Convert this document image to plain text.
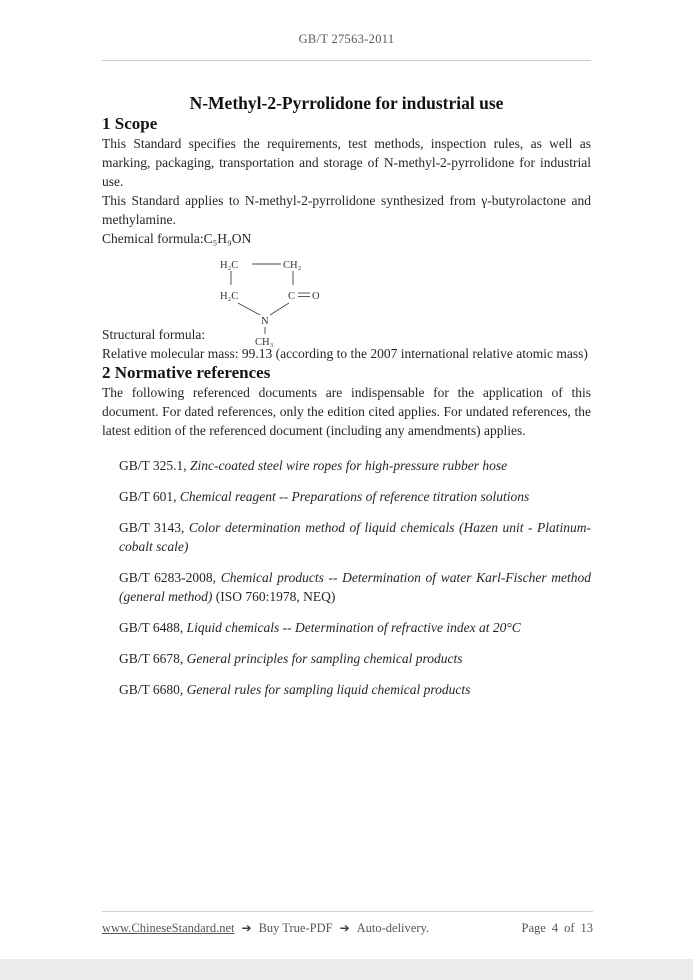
GB/T 27563-2011
N-Methyl-2-Pyrrolidone for industrial use
1 Scope

This Standard specifies the requirements, test methods, inspection rules, as well as marking, packaging, transportation and storage of N-methyl-2-pyrrolidone for industrial use.

This Standard applies to N-methyl-2-pyrrolidone synthesized from γ-butyrolactone and methylamine.

Chemical formula:C₅H₉ON

Structural formula:
H₂C	CH₂
H₂C	C O
N
CH₃

Relative molecular mass: 99.13 (according to the 2007 international relative atomic mass)

2 Normative references

The following referenced documents are indispensable for the application of this document. For dated references, only the edition cited applies. For undated references, the latest edition of the referenced document (including any amendments) applies.

GB/T 325.1, Zinc-coated steel wire ropes for high-pressure rubber hose
GB/T 601, Chemical reagent -- Preparations of reference titration solutions
GB/T 3143, Color determination method of liquid chemicals (Hazen unit - Platinum-cobalt scale)
GB/T 6283-2008, Chemical products -- Determination of water Karl-Fischer method (general method) (ISO 760:1978, NEQ)
GB/T 6488, Liquid chemicals -- Determination of refractive index at 20°C
GB/T 6678, General principles for sampling chemical products
GB/T 6680, General rules for sampling liquid chemical products
www.ChineseStandard.net ➔ Buy True-PDF ➔ Auto-delivery.	Page 4 of 13
